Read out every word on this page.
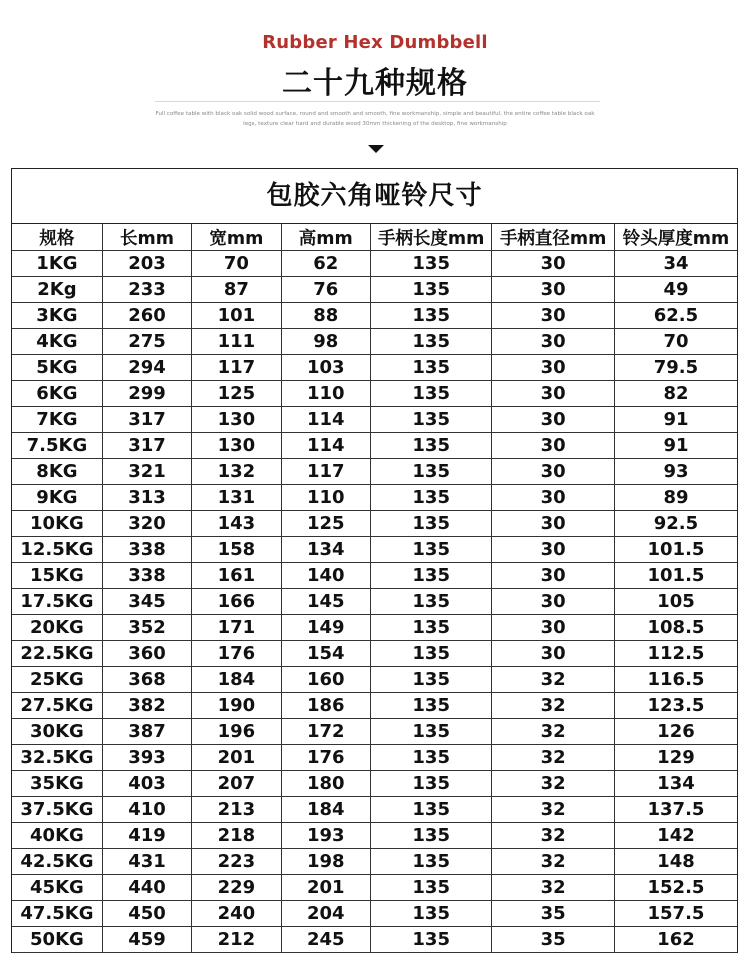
Rubber Hex Dumbbell
二十九种规格
Full coffee table with black oak solid wood surface, round and smooth and smooth, fine workmanship, simple and beautiful, the entire coffee table black oak legs, texture clear hard and durable wood 30mm thickening of the desktop, fine workmanship
包胶六角哑铃尺寸
规格	长mm	宽mm	高mm	手柄长度mm	手柄直径mm	铃头厚度mm
1KG	203	70	62	135	30	34
2Kg	233	87	76	135	30	49
3KG	260	101	88	135	30	62.5
4KG	275	111	98	135	30	70
5KG	294	117	103	135	30	79.5
6KG	299	125	110	135	30	82
7KG	317	130	114	135	30	91
7.5KG	317	130	114	135	30	91
8KG	321	132	117	135	30	93
9KG	313	131	110	135	30	89
10KG	320	143	125	135	30	92.5
12.5KG	338	158	134	135	30	101.5
15KG	338	161	140	135	30	101.5
17.5KG	345	166	145	135	30	105
20KG	352	171	149	135	30	108.5
22.5KG	360	176	154	135	30	112.5
25KG	368	184	160	135	32	116.5
27.5KG	382	190	186	135	32	123.5
30KG	387	196	172	135	32	126
32.5KG	393	201	176	135	32	129
35KG	403	207	180	135	32	134
37.5KG	410	213	184	135	32	137.5
40KG	419	218	193	135	32	142
42.5KG	431	223	198	135	32	148
45KG	440	229	201	135	32	152.5
47.5KG	450	240	204	135	35	157.5
50KG	459	212	245	135	35	162
